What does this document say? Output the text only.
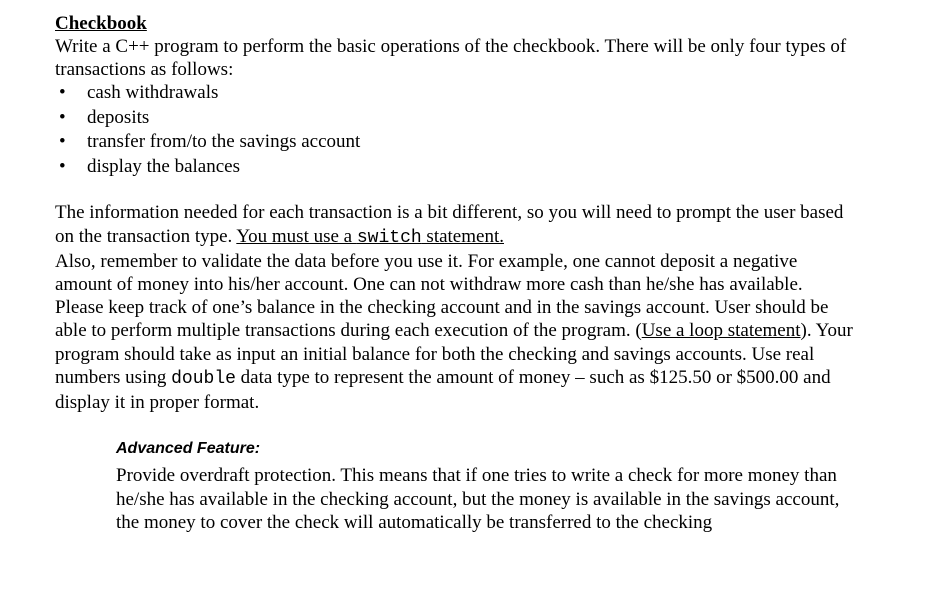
Checkbook

Write a C++ program to perform the basic operations of the checkbook. There will be only four types of transactions as follows:

• cash withdrawals
• deposits
• transfer from/to the savings account
• display the balances

The information needed for each transaction is a bit different, so you will need to prompt the user based on the transaction type. You must use a switch statement.

Also, remember to validate the data before you use it. For example, one cannot deposit a negative amount of money into his/her account. One can not withdraw more cash than he/she has available. Please keep track of one’s balance in the checking account and in the savings account. User should be able to perform multiple transactions during each execution of the program. (Use a loop statement). Your program should take as input an initial balance for both the checking and savings accounts. Use real numbers using double data type to represent the amount of money – such as $125.50 or $500.00 and display it in proper format.

Advanced Feature:

Provide overdraft protection. This means that if one tries to write a check for more money than he/she has available in the checking account, but the money is available in the savings account, the money to cover the check will automatically be transferred to the checking
